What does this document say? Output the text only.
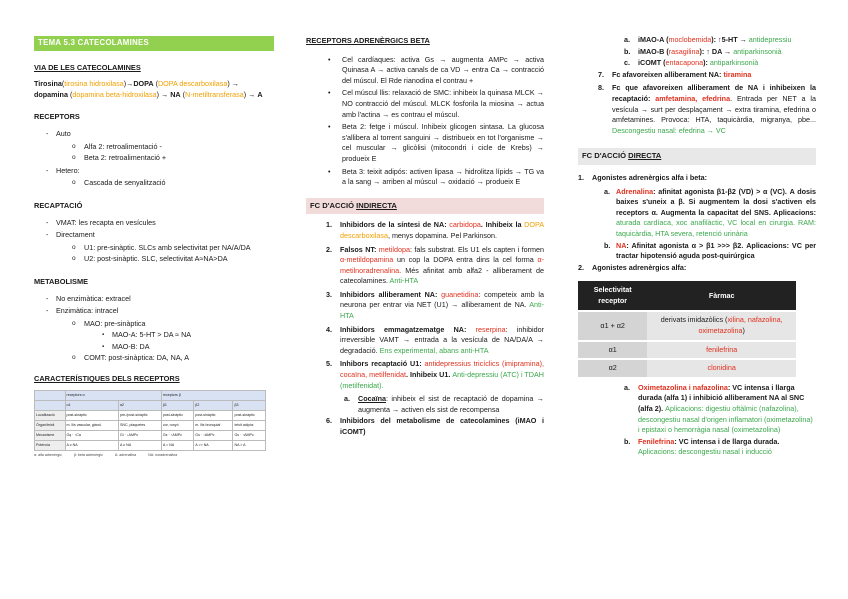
TEMA 5.3 CATECOLAMINES
VIA DE LES CATECOLAMINES

Tirosina(tirosina hidroxilasa)→DOPA (DOPA descarboxilasa) → dopamina (dopamina beta-hidroxilasa) → NA (N-metiltransferasa) → A

RECEPTORS
- Auto
o Alfa 2: retroalimentació -
o Beta 2: retroalimentació +
- Hetero:
o Cascada de senyalització
RECAPTACIÓ
- VMAT: les recapta en vesícules
- Directament
o U1: pre-sinàptic. SLCs amb selectivitat per NA/A/DA
o U2: post-sinàptic. SLC, selectivitat A≈NA>DA
METABOLISME
- No enzimàtica: extracel
- Enzimàtica: intracel
o MAO: pre-sinàptica
▪ MAO-A: 5-HT > DA ≈ NA
▪ MAO-B: DA
o COMT: post-sinàptica: DA, NA, A
CARACTERÍSTIQUES DELS RECEPTORS
	receptors α		receptors β		
	α1	α2	β1	β2	β3
Localització	post-sinàptic	pre-/post-sinàptic	post-sinàptic	post-sinàptic	post-sinàptic
Òrgan/teixit	m. llis vascular, gland.	SNC, plaquetes	cor, ronyó	m. llis bronquial	teixit adipós
Mecanisme	Gq · ↑Ca	Gi · ↓AMPc	Gs · ↑AMPc	Gs · ↑AMPc	Gs · ↑AMPc
Potència	A ≥ NA	A ≥ NA	A = NA	A >> NA	NA > A
α: alfa adrenèrgic	β: beta adrenèrgic	A: adrenalina	NA: noradrenalina
RECEPTORS ADRENÈRGICS BETA
• Cel cardíaques: activa Gs → augmenta AMPc → activa Quinasa A → activa canals de ca VD → entra Ca → contracció del múscul. El Rde rianodina el contrau +
• Cel múscul llis: relaxació de SMC: inhibeix la quinasa MLCK → NO contracció del múscul. MLCK fosforila la miosina → actua amb l'actina → es contrau el múscul.
• Beta 2: fetge i múscul. Inhibeix glicogen sintasa. La glucosa s'allibera al torrent sanguini → distribueix en tot l'organisme → cel muscular → glicòlisi (mitocondri i cicle de Krebs) → produeix E
• Beta 3: teixit adipós: activen lipasa → hidrolitza lípids → TG va a la sang → arriben al múscul → oxidació → produeix E
FC D'ACCIÓ INDIRECTA
1. Inhibidors de la síntesi de NA: carbidopa. Inhibeix la DOPA descarboxilasa, menys dopamina. Pel Parkinson.
2. Falsos NT: metildopa: fals substrat. Els U1 els capten i formen α-metildopamina un cop la DOPA entra dins la cel forma α-metilnoradrenalina. Més afinitat amb alfa2 - alliberament de catecolamines. Anti-HTA
3. Inhibidors alliberament NA: guanetidina: competeix amb la neurona per entrar via NET (U1) → alliberament de NA. Anti-HTA
4. Inhibidors emmagatzematge NA: reserpina: inhibidor irreversible VAMT → entrada a la vesícula de NA/DA/A → degradació. Ens experimental, abans anti-HTA
5. Inhibors recaptació U1: antidepressius tricíclics (imipramina), cocaïna, metilfenidat. Inhibeix U1. Anti-depressiu (ATC) i TDAH (metilfenidat).
a. Cocaïna: inhibeix el sist de recaptació de dopamina → augmenta → activen els sist de recompensa
6. Inhibidors del metabolisme de catecolamines (iMAO i iCOMT)
a. iMAO-A (moclobemida): ↑5-HT → antidepressiu
b. iMAO-B (rasagilina): ↑ DA → antiparkinsonià
c. iCOMT (entacapona): antiparkinsonià
7. Fc afavoreixen alliberament NA: tiramina
8. Fc que afavoreixen alliberament de NA i inhibeixen la recaptació: amfetamina, efedrina. Entrada per NET a la vesícula → surt per desplaçament → extra tiramina, efedrina o amfetamines. Provoca: HTA, taquicàrdia, migranya, pbe... Descongestiu nasal: efedrina → VC
FC D'ACCIÓ DIRECTA
1. Agonistes adrenèrgics alfa i beta:
a. Adrenalina: afinitat agonista β1-β2 (VD) > α (VC). A dosis baixes s'uneix a β. Si augmentem la dosi s'activen els receptors α. Augmenta la capacitat del SNS. Aplicacions: aturada cardíaca, xoc anafilàctic, VC local en cirurgia. RAM: taquicàrdia, HTA severa, retenció urinària
b. NA: Afinitat agonista α > β1 >>> β2. Aplicacions: VC per tractar hipotensió aguda post-quirúrgica
2. Agonistes adrenèrgics alfa:
Selectivitat receptor	Fàrmac
α1 + α2	derivats imidazòlics (xilina, nafazolina, oximetazolina)
α1	fenilefrina
α2	clonidina
a. Oximetazolina i nafazolina: VC intensa i llarga durada (alfa 1) i inhibició alliberament NA al SNC (alfa 2). Aplicacions: digestiu oftàlmic (nafazolina), descongestiu nasal d'origen inflamatori (oximetazolina) i epistaxi o hemorràgia nasal (oximetazolina)
b. Fenilefrina: VC intensa i de llarga durada. Aplicacions: descongestiu nasal i inducció
